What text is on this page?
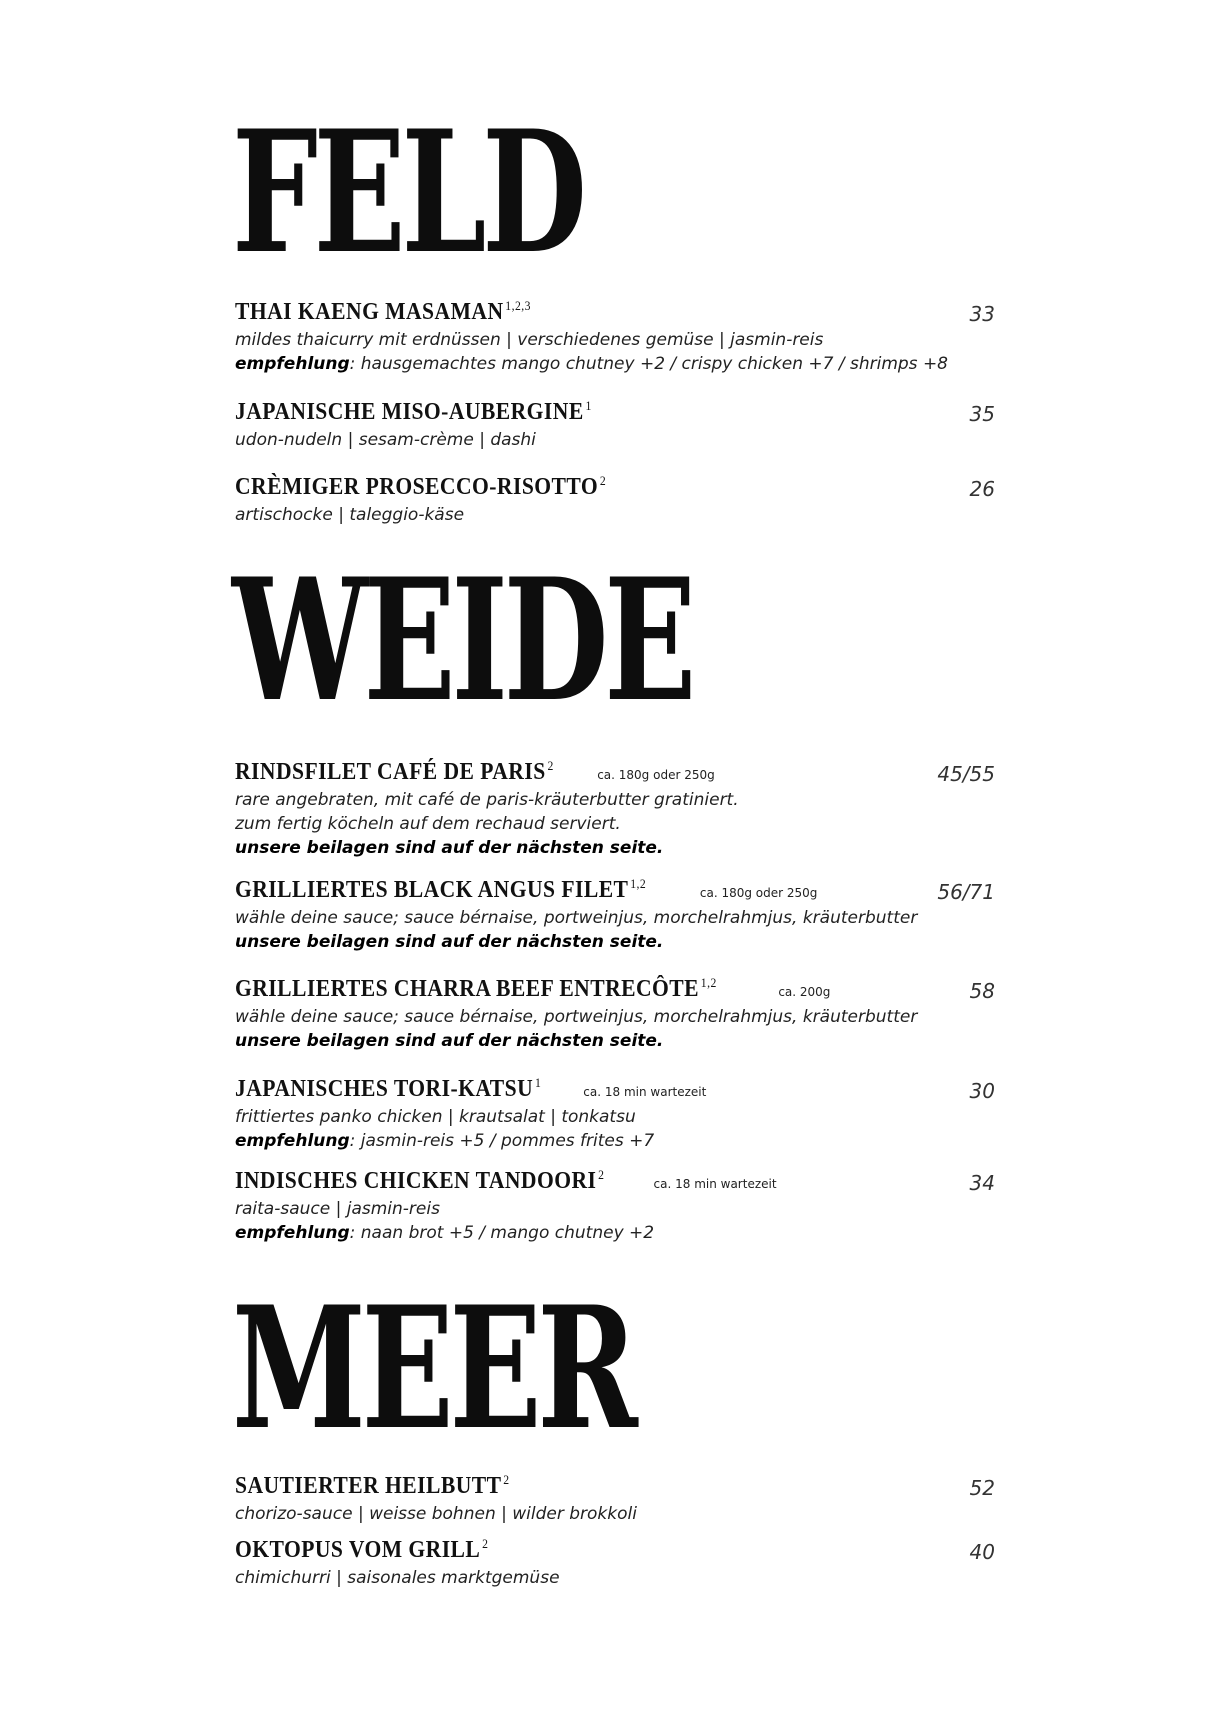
FELD
THAI KAENG MASAMAN $^{1,2,3}$	33

mildes thaicurry mit erdnüssen | verschiedenes gemüse | jasmin-reis

empfehlung: hausgemachtes mango chutney +2 / crispy chicken +7 / shrimps +8

JAPANISCHE MISO-AUBERGINE $^1$	35

udon-nudeln | sesam-crème | dashi

CRÈMIGER PROSECCO-RISOTTO $^2$	26

artischocke | taleggio-käse

WEIDE
RINDSFILET CAFÉ DE PARIS $^2$ ca. 180g oder 250g	45/55

rare angebraten, mit café de paris-kräuterbutter gratiniert.

zum fertig köcheln auf dem rechaud serviert.

unsere beilagen sind auf der nächsten seite.

GRILLIERTES BLACK ANGUS FILET $^{1,2}$ ca. 180g oder 250g	56/71

wähle deine sauce; sauce bérnaise, portweinjus, morchelrahmjus, kräuterbutter

unsere beilagen sind auf der nächsten seite.

GRILLIERTES CHARRA BEEF ENTRECÔTE $^{1,2}$ ca. 200g	58

wähle deine sauce; sauce bérnaise, portweinjus, morchelrahmjus, kräuterbutter

unsere beilagen sind auf der nächsten seite.

JAPANISCHES TORI-KATSU $^1$ ca. 18 min wartezeit	30

frittiertes panko chicken | krautsalat | tonkatsu

empfehlung: jasmin-reis +5 / pommes frites +7

INDISCHES CHICKEN TANDOORI $^2$ ca. 18 min wartezeit	34

raita-sauce | jasmin-reis

empfehlung: naan brot +5 / mango chutney +2

MEER
SAUTIERTER HEILBUTT $^2$	52

chorizo-sauce | weisse bohnen | wilder brokkoli

OKTOPUS VOM GRILL $^2$	40

chimichurri | saisonales marktgemüse
